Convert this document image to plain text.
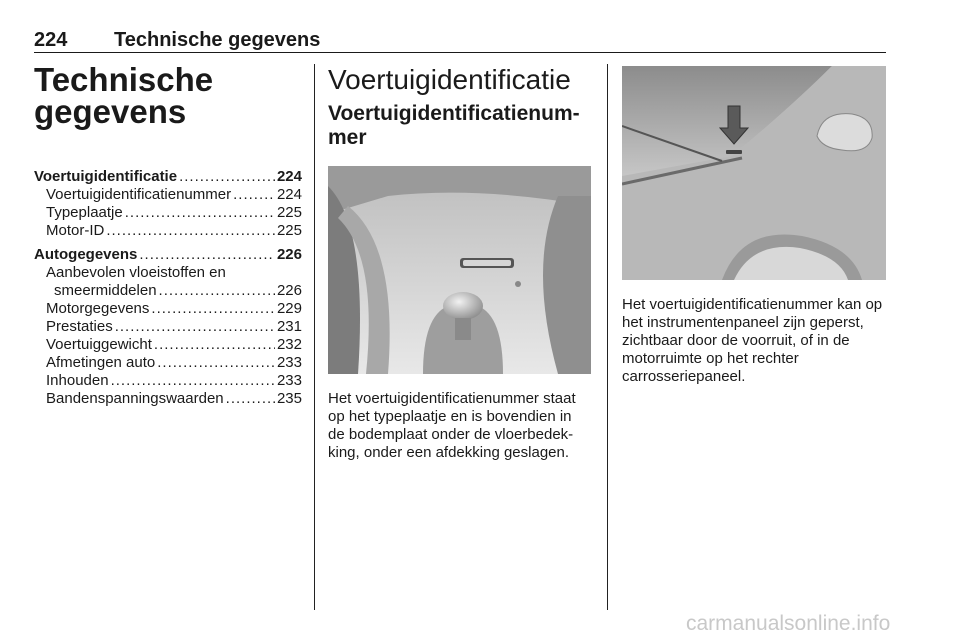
224 Technische gegevens
Technische
gegevens
Voertuigidentificatie .....	224
Voertuigidentificatienummer .....	224
Typeplaatje .....	225
Motor-ID .....	225
Autogegevens .....	226
Aanbevolen vloeistoffen en
smeermiddelen .....	226
Motorgegevens .....	229
Prestaties .....	231
Voertuiggewicht .....	232
Afmetingen auto .....	233
Inhouden .....	233
Bandenspanningswaarden .....	235
Voertuigidentificatie
Voertuigidentificatienum-
mer

Het voertuigidentificatienummer staat op het typeplaatje en is bovendien in de bodemplaat onder de vloerbedek-king, onder een afdekking geslagen.

Het voertuigidentificatienummer kan op het instrumentenpaneel zijn geperst, zichtbaar door de voorruit, of in de motorruimte op het rechter carrosseriepaneel.

carmanualsonline.info
